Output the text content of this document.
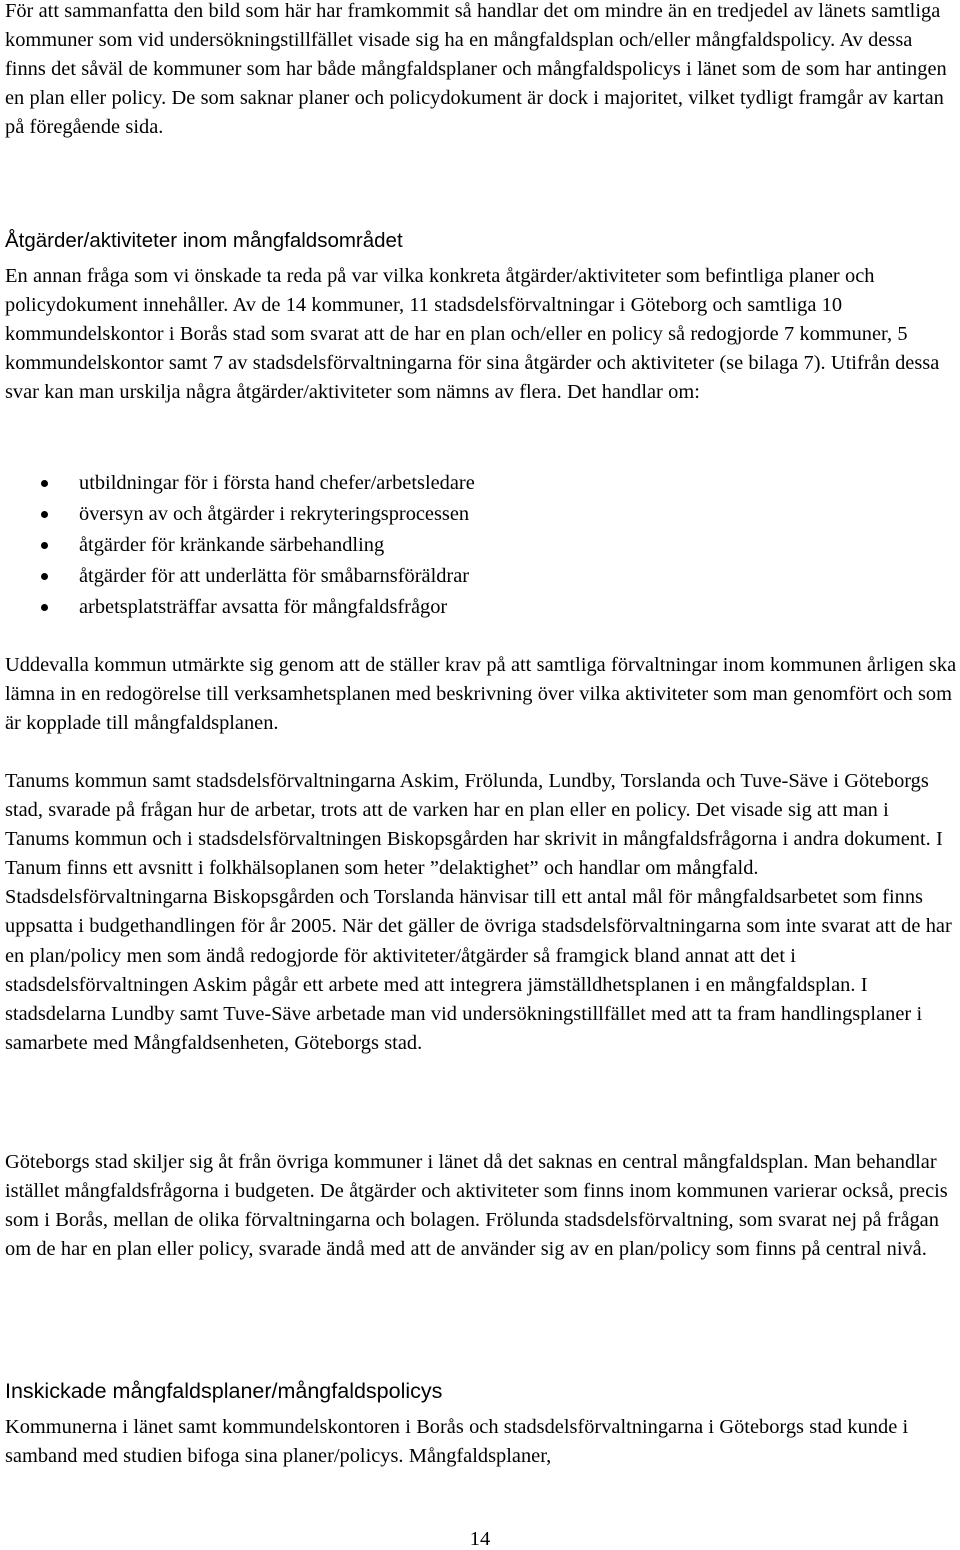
För att sammanfatta den bild som här har framkommit så handlar det om mindre än en tredjedel av länets samtliga kommuner som vid undersökningstillfället visade sig ha en mångfaldsplan och/eller mångfaldspolicy. Av dessa finns det såväl de kommuner som har både mångfaldsplaner och mångfaldspolicys i länet som de som har antingen en plan eller policy. De som saknar planer och policydokument är dock i majoritet, vilket tydligt framgår av kartan på föregående sida.

Åtgärder/aktiviteter inom mångfaldsområdet

En annan fråga som vi önskade ta reda på var vilka konkreta åtgärder/aktiviteter som befintliga planer och policydokument innehåller. Av de 14 kommuner, 11 stadsdelsförvaltningar i Göteborg och samtliga 10 kommundelskontor i Borås stad som svarat att de har en plan och/eller en policy så redogjorde 7 kommuner, 5 kommundelskontor samt 7 av stadsdelsförvaltningarna för sina åtgärder och aktiviteter (se bilaga 7). Utifrån dessa svar kan man urskilja några åtgärder/aktiviteter som nämns av flera. Det handlar om:

utbildningar för i första hand chefer/arbetsledare
översyn av och åtgärder i rekryteringsprocessen
åtgärder för kränkande särbehandling
åtgärder för att underlätta för småbarnsföräldrar
arbetsplatsträffar avsatta för mångfaldsfrågor

Uddevalla kommun utmärkte sig genom att de ställer krav på att samtliga förvaltningar inom kommunen årligen ska lämna in en redogörelse till verksamhetsplanen med beskrivning över vilka aktiviteter som man genomfört och som är kopplade till mångfaldsplanen.

Tanums kommun samt stadsdelsförvaltningarna Askim, Frölunda, Lundby, Torslanda och Tuve-Säve i Göteborgs stad, svarade på frågan hur de arbetar, trots att de varken har en plan eller en policy. Det visade sig att man i Tanums kommun och i stadsdelsförvaltningen Biskopsgården har skrivit in mångfaldsfrågorna i andra dokument. I Tanum finns ett avsnitt i folkhälsoplanen som heter ”delaktighet” och handlar om mångfald. Stadsdelsförvaltningarna Biskopsgården och Torslanda hänvisar till ett antal mål för mångfaldsarbetet som finns uppsatta i budgethandlingen för år 2005. När det gäller de övriga stadsdelsförvaltningarna som inte svarat att de har en plan/policy men som ändå redogjorde för aktiviteter/åtgärder så framgick bland annat att det i stadsdelsförvaltningen Askim pågår ett arbete med att integrera jämställdhetsplanen i en mångfaldsplan. I stadsdelarna Lundby samt Tuve-Säve arbetade man vid undersökningstillfället med att ta fram handlingsplaner i samarbete med Mångfaldsenheten, Göteborgs stad.

Göteborgs stad skiljer sig åt från övriga kommuner i länet då det saknas en central mångfaldsplan. Man behandlar istället mångfaldsfrågorna i budgeten. De åtgärder och aktiviteter som finns inom kommunen varierar också, precis som i Borås, mellan de olika förvaltningarna och bolagen. Frölunda stadsdelsförvaltning, som svarat nej på frågan om de har en plan eller policy, svarade ändå med att de använder sig av en plan/policy som finns på central nivå.

Inskickade mångfaldsplaner/mångfaldspolicys

Kommunerna i länet samt kommundelskontoren i Borås och stadsdelsförvaltningarna i Göteborgs stad kunde i samband med studien bifoga sina planer/policys. Mångfaldsplaner,

14
